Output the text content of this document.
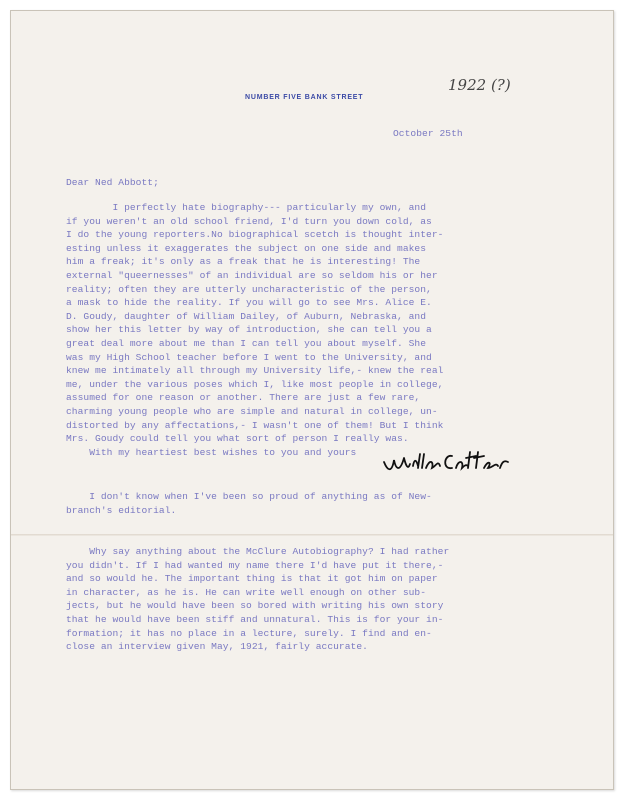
NUMBER FIVE BANK STREET
1922 (?)
October 25th
Dear Ned Abbott;
I perfectly hate biography--- particularly my own, and
if you weren't an old school friend, I'd turn you down cold, as
I do the young reporters.No biographical scetch is thought inter-
esting unless it exaggerates the subject on one side and makes
him a freak; it's only as a freak that he is interesting! The
external "queernesses" of an individual are so seldom his or her
reality; often they are utterly uncharacteristic of the person,
a mask to hide the reality. If you will go to see Mrs. Alice E.
D. Goudy, daughter of William Dailey, of Auburn, Nebraska, and
show her this letter by way of introduction, she can tell you a
great deal more about me than I can tell you about myself. She
was my High School teacher before I went to the University, and
knew me intimately all through my University life,- knew the real
me, under the various poses which I, like most people in college,
assumed for one reason or another. There are just a few rare,
charming young people who are simple and natural in college, un-
distorted by any affectations,- I wasn't one of them! But I think
Mrs. Goudy could tell you what sort of person I really was.
With my heartiest best wishes to you and yours
I don't know when I've been so proud of anything as of New-
branch's editorial.
Why say anything about the McClure Autobiography? I had rather
you didn't. If I had wanted my name there I'd have put it there,-
and so would he. The important thing is that it got him on paper
in character, as he is. He can write well enough on other sub-
jects, but he would have been so bored with writing his own story
that he would have been stiff and unnatural. This is for your in-
formation; it has no place in a lecture, surely. I find and en-
close an interview given May, 1921, fairly accurate.
